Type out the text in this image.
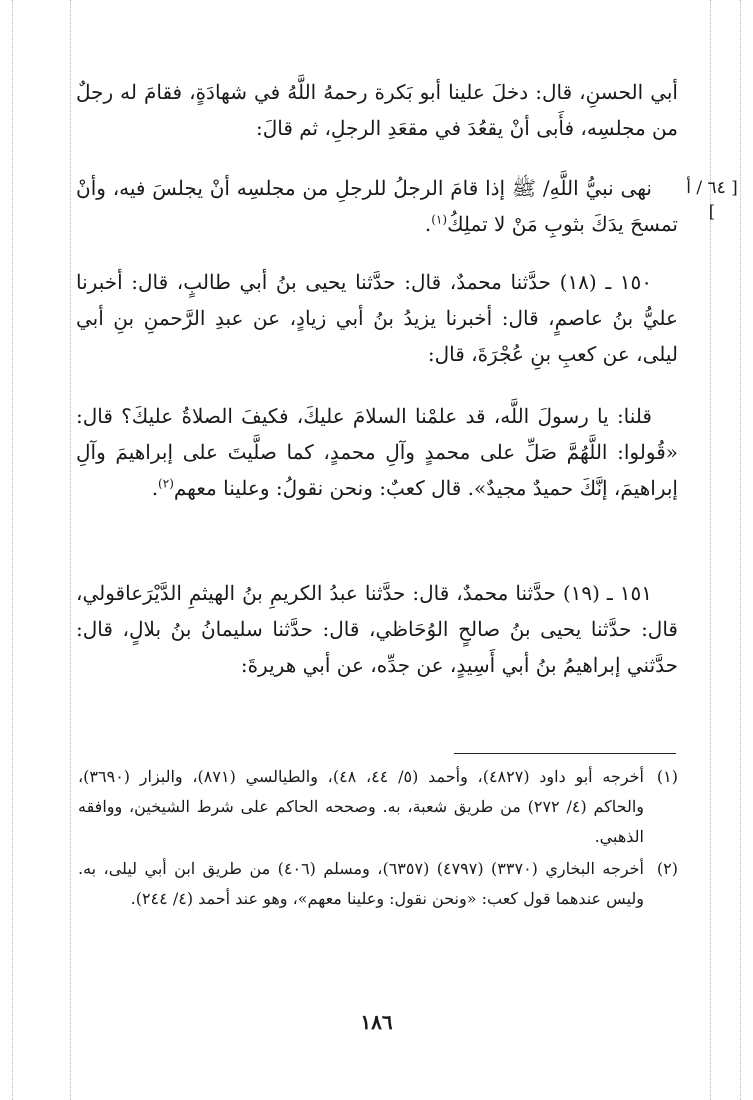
أبي الحسنِ، قال: دخلَ علينا أبو بَكرة رحمهُ اللَّهُ في شهادَةٍ، فقامَ له رجلٌ من مجلسِه، فأَبى أنْ يقعُدَ في مقعَدِ الرجلِ، ثم قالَ:

[ ٦٤ / أ ]

نهى نبيُّ اللَّهِ/ ﷺ إذا قامَ الرجلُ للرجلِ من مجلسِه أنْ يجلسَ فيه، وأنْ تمسحَ يدَكَ بثوبِ مَنْ لا تملِكُ$^{(١)}$.

١٥٠ ـ (١٨) حدَّثنا محمدٌ، قال: حدَّثنا يحيى بنُ أبي طالبٍ، قال: أخبرنا عليُّ بنُ عاصمٍ، قال: أخبرنا يزيدُ بنُ أبي زيادٍ، عن عبدِ الرَّحمنِ بنِ أبي ليلى، عن كعبِ بنِ عُجْرَةَ، قال:

قلنا: يا رسولَ اللَّه، قد علمْنا السلامَ عليكَ، فكيفَ الصلاةُ عليكَ؟ قال: «قُولوا: اللَّهُمَّ صَلِّ على محمدٍ وآلِ محمدٍ، كما صلَّيتَ على إبراهيمَ وآلِ إبراهيمَ، إنَّكَ حميدٌ مجيدٌ». قال كعبٌ: ونحن نقولُ: وعلينا معهم$^{(٢)}$.

١٥١ ـ (١٩) حدَّثنا محمدٌ، قال: حدَّثنا عبدُ الكريمِ بنُ الهيثمِ الدَّيْرَعاقولي، قال: حدَّثنا يحيى بنُ صالحٍ الوُحَاظي، قال: حدَّثنا سليمانُ بنُ بلالٍ، قال: حدَّثني إبراهيمُ بنُ أبي أَسِيدٍ، عن جدِّه، عن أبي هريرةَ:

(١)
أخرجه أبو داود (٤٨٢٧)، وأحمد (٥/ ٤٤، ٤٨)، والطيالسي (٨٧١)، والبزار (٣٦٩٠)، والحاكم (٤/ ٢٧٢) من طريق شعبة، به. وصححه الحاكم على شرط الشيخين، ووافقه الذهبي.
(٢)
أخرجه البخاري (٣٣٧٠) (٤٧٩٧) (٦٣٥٧)، ومسلم (٤٠٦) من طريق ابن أبي ليلى، به. وليس عندهما قول كعب: «ونحن نقول: وعلينا معهم»، وهو عند أحمد (٤/ ٢٤٤).
١٨٦
